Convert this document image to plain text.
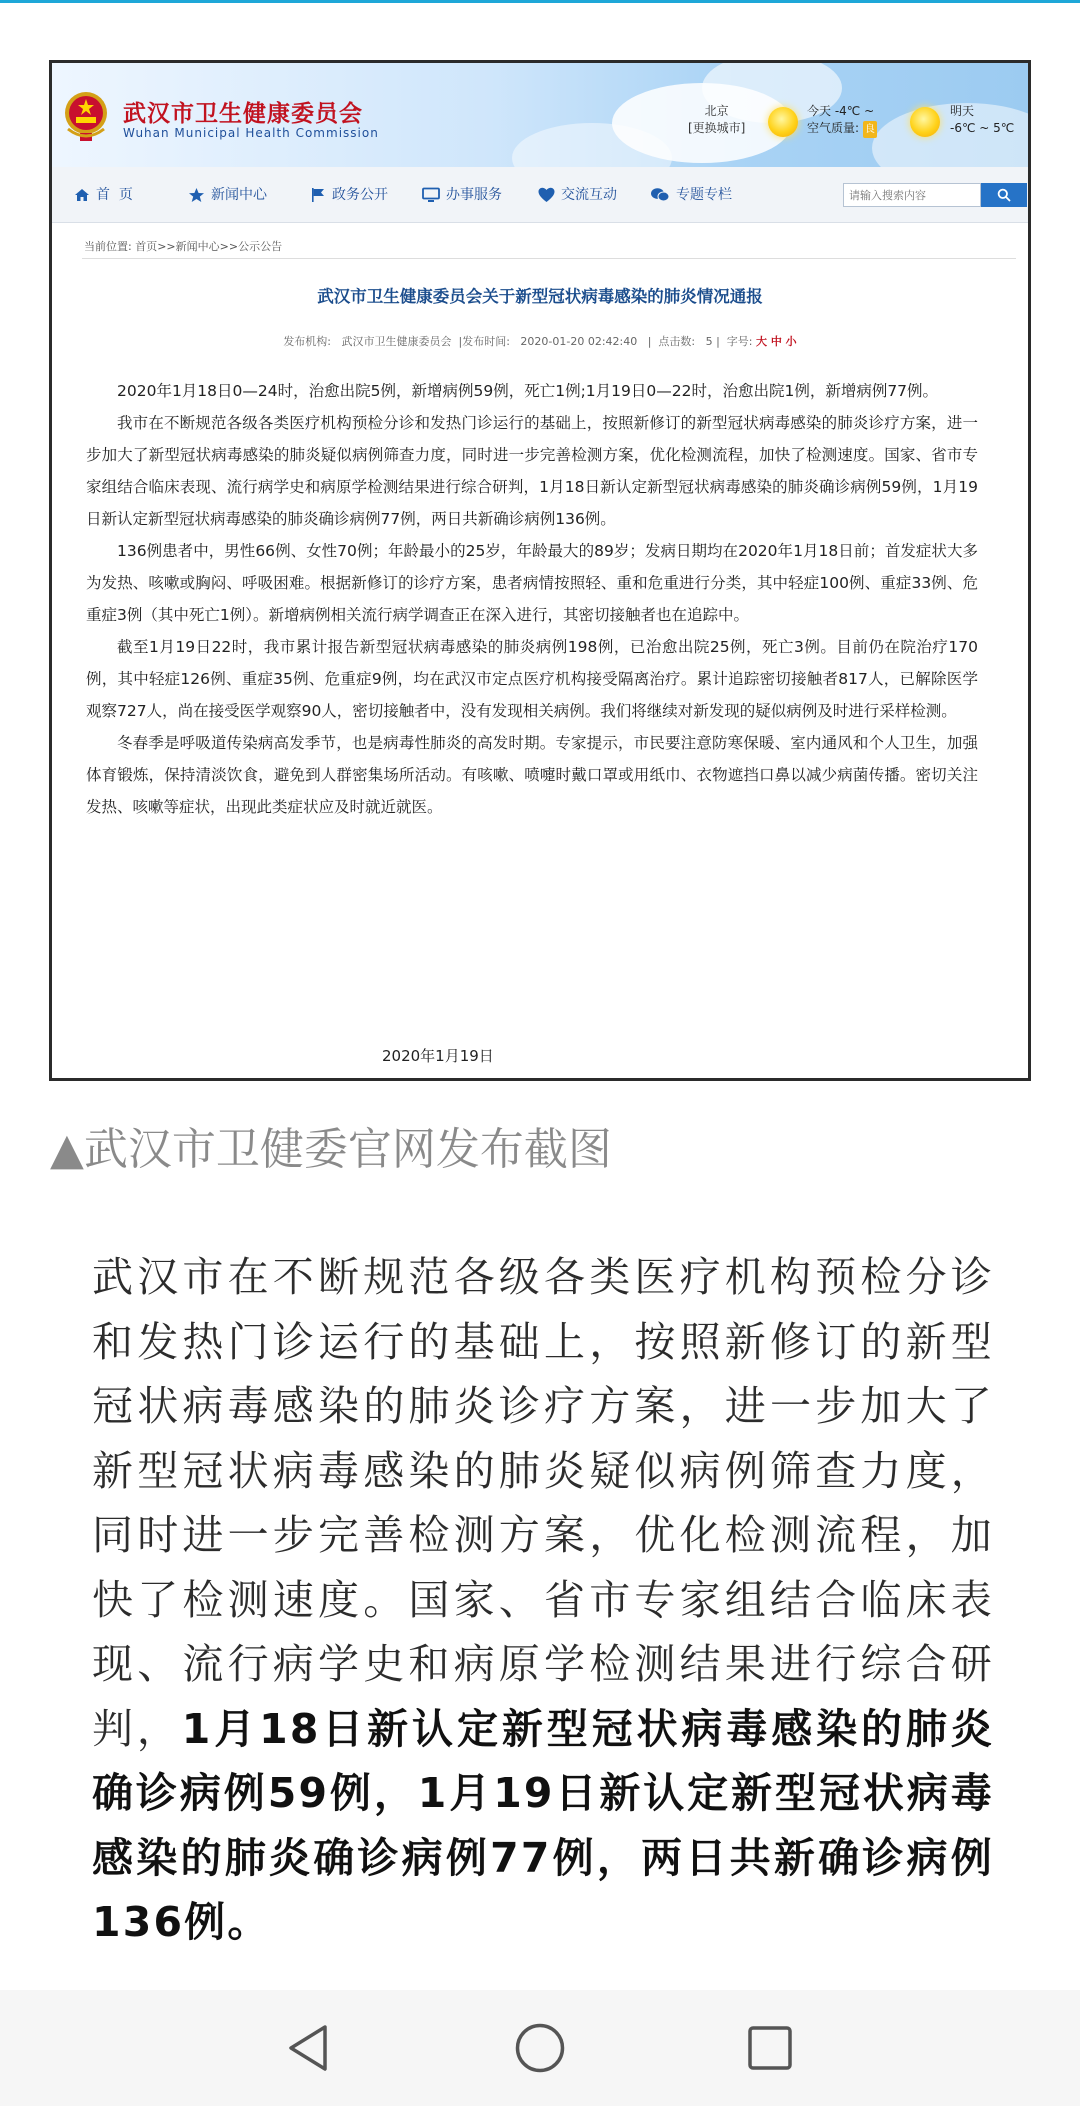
武汉市卫生健康委员会
Wuhan Municipal Health Commission
北京
[更换城市]
今天 -4℃ ~
空气质量: 良
明天
-6℃ ~ 5℃
首  页	新闻中心	政务公开	办事服务	交流互动	专题专栏
请输入搜索内容
当前位置: 首页>>新闻中心>>公示公告
武汉市卫生健康委员会关于新型冠状病毒感染的肺炎情况通报
发布机构:   武汉市卫生健康委员会  |发布时间:   2020-01-20 02:42:40   |  点击数:   5 |  字号: 大 中 小

2020年1月18日0—24时，治愈出院5例，新增病例59例，死亡1例;1月19日0—22时，治愈出院1例，新增病例77例。

我市在不断规范各级各类医疗机构预检分诊和发热门诊运行的基础上，按照新修订的新型冠状病毒感染的肺炎诊疗方案，进一步加大了新型冠状病毒感染的肺炎疑似病例筛查力度，同时进一步完善检测方案，优化检测流程，加快了检测速度。国家、省市专家组结合临床表现、流行病学史和病原学检测结果进行综合研判，1月18日新认定新型冠状病毒感染的肺炎确诊病例59例，1月19日新认定新型冠状病毒感染的肺炎确诊病例77例，两日共新确诊病例136例。

136例患者中，男性66例、女性70例；年龄最小的25岁，年龄最大的89岁；发病日期均在2020年1月18日前；首发症状大多为发热、咳嗽或胸闷、呼吸困难。根据新修订的诊疗方案，患者病情按照轻、重和危重进行分类，其中轻症100例、重症33例、危重症3例（其中死亡1例）。新增病例相关流行病学调查正在深入进行，其密切接触者也在追踪中。

截至1月19日22时，我市累计报告新型冠状病毒感染的肺炎病例198例，已治愈出院25例，死亡3例。目前仍在院治疗170例，其中轻症126例、重症35例、危重症9例，均在武汉市定点医疗机构接受隔离治疗。累计追踪密切接触者817人，已解除医学观察727人，尚在接受医学观察90人，密切接触者中，没有发现相关病例。我们将继续对新发现的疑似病例及时进行采样检测。

冬春季是呼吸道传染病高发季节，也是病毒性肺炎的高发时期。专家提示，市民要注意防寒保暖、室内通风和个人卫生，加强体育锻炼，保持清淡饮食，避免到人群密集场所活动。有咳嗽、喷嚏时戴口罩或用纸巾、衣物遮挡口鼻以减少病菌传播。密切关注发热、咳嗽等症状，出现此类症状应及时就近就医。

2020年1月19日
▲武汉市卫健委官网发布截图
武汉市在不断规范各级各类医疗机构预检分诊和发热门诊运行的基础上，按照新修订的新型冠状病毒感染的肺炎诊疗方案，进一步加大了新型冠状病毒感染的肺炎疑似病例筛查力度，同时进一步完善检测方案，优化检测流程，加快了检测速度。国家、省市专家组结合临床表现、流行病学史和病原学检测结果进行综合研判，1月18日新认定新型冠状病毒感染的肺炎确诊病例59例，1月19日新认定新型冠状病毒感染的肺炎确诊病例77例，两日共新确诊病例136例。
